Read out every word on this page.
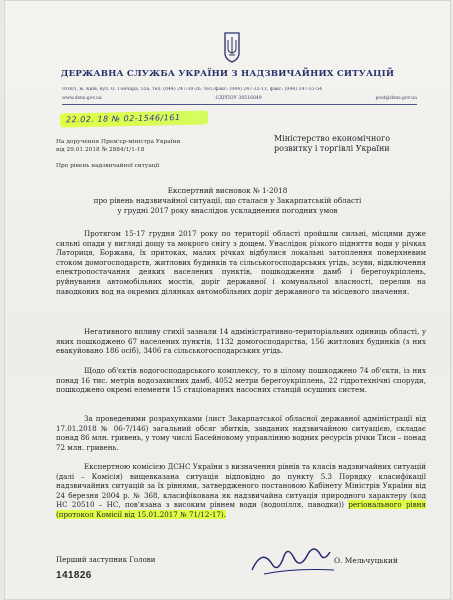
ДЕРЖАВНА СЛУЖБА УКРАЇНИ З НАДЗВИЧАЙНИХ СИТУАЦІЙ
01601, м. Київ, вул. О. Гончара, 55а, тел. (044) 247-30-26, тел./факс: (044) 247-32-11, факс: (044) 247-31-54
www.dsns.gov.ua	ЄДРПОУ 38516849	post@dsns.gov.ua
22.02. 18 № 02-1546/161
Міністерство економічного
розвитку і торгівлі України
На доручення Прем'єр-міністра України
від 29.01.2018 № 2884/1/1-18
Про рівень надзвичайної ситуації
Експертний висновок № 1-2018
про рівень надзвичайної ситуації, що сталася у Закарпатській області
у грудні 2017 року внаслідок ускладнення погодних умов

Протягом 15-17 грудня 2017 року по території області пройшли сильні, місцями дуже сильні опади у вигляді дощу та мокрого снігу з дощем. Унаслідок різкого підняття води у річках Латориця, Боржава, їх притоках, малих річках відбулися локальні затоплення поверхневим стоком домогосподарств, житлових будинків та сільськогосподарських угідь, зсуви, відключення електропостачання деяких населених пунктів, пошкодження дамб і берегоукріплень, руйнування автомобільних мостів, доріг державної і комунальної власності, перелив на паводкових вод на окремих ділянках автомобільних доріг державного та місцевого значення.

Негативного впливу стихії зазнали 14 адміністративно-територіальних одиниць області, у яких пошкоджено 67 населених пунктів, 1132 домогосподарства, 156 житлових будинків (з них евакуйовано 186 осіб), 3406 га сільськогосподарських угідь.

Щодо об'єктів водогосподарського комплексу, то в цілому пошкоджено 74 об'єкти, із них понад 16 тис. метрів водозахисних дамб, 4052 метри берегоукріплень, 22 гідротехнічні споруди, пошкоджено окремі елементи 15 стаціонарних насосних станцій осушних систем.

За проведеними розрахунками (лист Закарпатської обласної державної адміністрації від 17.01.2018 № 06-7/146) загальний обсяг збитків, завданих надзвичайною ситуацією, складає понад 86 млн. гривень, у тому числі Басейновому управлінню водних ресурсів річки Тиси – понад 72 млн. гривень.

Експертною комісією ДСНС України з визначення рівнів та класів надзвичайних ситуацій (далі – Комісія) вищевказана ситуація відповідно до пункту 5.3 Порядку класифікації надзвичайних ситуацій за їх рівнями, затвердженого постановою Кабінету Міністрів України від 24 березня 2004 р. № 368, класифікована як надзвичайна ситуація природного характеру (код НС 20510 – НС, пов'язана з високим рівнем води (водопілля, паводки)) регіонального рівня (протокол Комісії від 15.01.2017 № 71/12-17).

Перший заступник Голови	О. Мельчуцький
141826
